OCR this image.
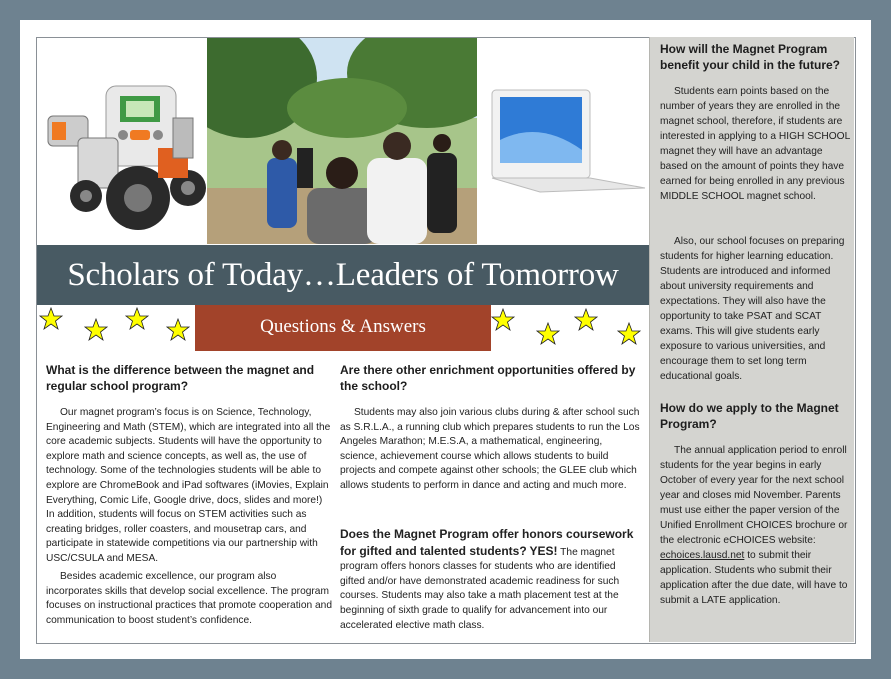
Scholars of Today…Leaders of Tomorrow
Questions & Answers
What is the difference between the magnet and regular school program?

Our magnet program’s focus is on Science, Technology, Engineering and Math (STEM), which are integrated into all the core academic subjects. Students will have the opportunity to explore math and science concepts, as well as, the use of technology. Some of the technologies students will be able to explore are ChromeBook and iPad softwares (iMovies, Explain Everything, Comic Life, Google drive, docs, slides and more!) In addition, students will focus on STEM activities such as creating bridges, roller coasters, and mousetrap cars, and participate in statewide competitions via our partnership with USC/CSULA and MESA.

Besides academic excellence, our program also incorporates skills that develop social excellence. The program focuses on instructional practices that promote cooperation and communication to boost student’s confidence.

Are there other enrichment opportunities offered by the school?

Students may also join various clubs during & after school such as S.R.L.A., a running club which prepares students to run the Los Angeles Marathon; M.E.S.A, a mathematical, engineering, science, achievement course which allows students to build projects and compete against other schools; the GLEE club which allows students to perform in dance and acting and much more.

Does the Magnet Program offer honors coursework for gifted and talented students? YES! The magnet program offers honors classes for students who are identified gifted and/or have demonstrated academic readiness for such courses. Students may also take a math placement test at the beginning of sixth grade to qualify for advancement into our accelerated elective math class.

How will the Magnet Program benefit your child in the future?

Students earn points based on the number of years they are enrolled in the magnet school, therefore, if students are interested in applying to a HIGH SCHOOL magnet they will have an advantage based on the amount of points they have earned for being enrolled in any previous MIDDLE SCHOOL magnet school.

Also, our school focuses on preparing students for higher learning education. Students are introduced and informed about university requirements and expectations. They will also have the opportunity to take PSAT and SCAT exams. This will give students early exposure to various universities, and encourage them to set long term educational goals.

How do we apply to the Magnet Program?

The annual application period to enroll students for the year begins in early October of every year for the next school year and closes mid November. Parents must use either the paper version of the Unified Enrollment CHOICES brochure or the electronic eCHOICES website: echoices.lausd.net to submit their application. Students who submit their application after the due date, will have to submit a LATE application.
